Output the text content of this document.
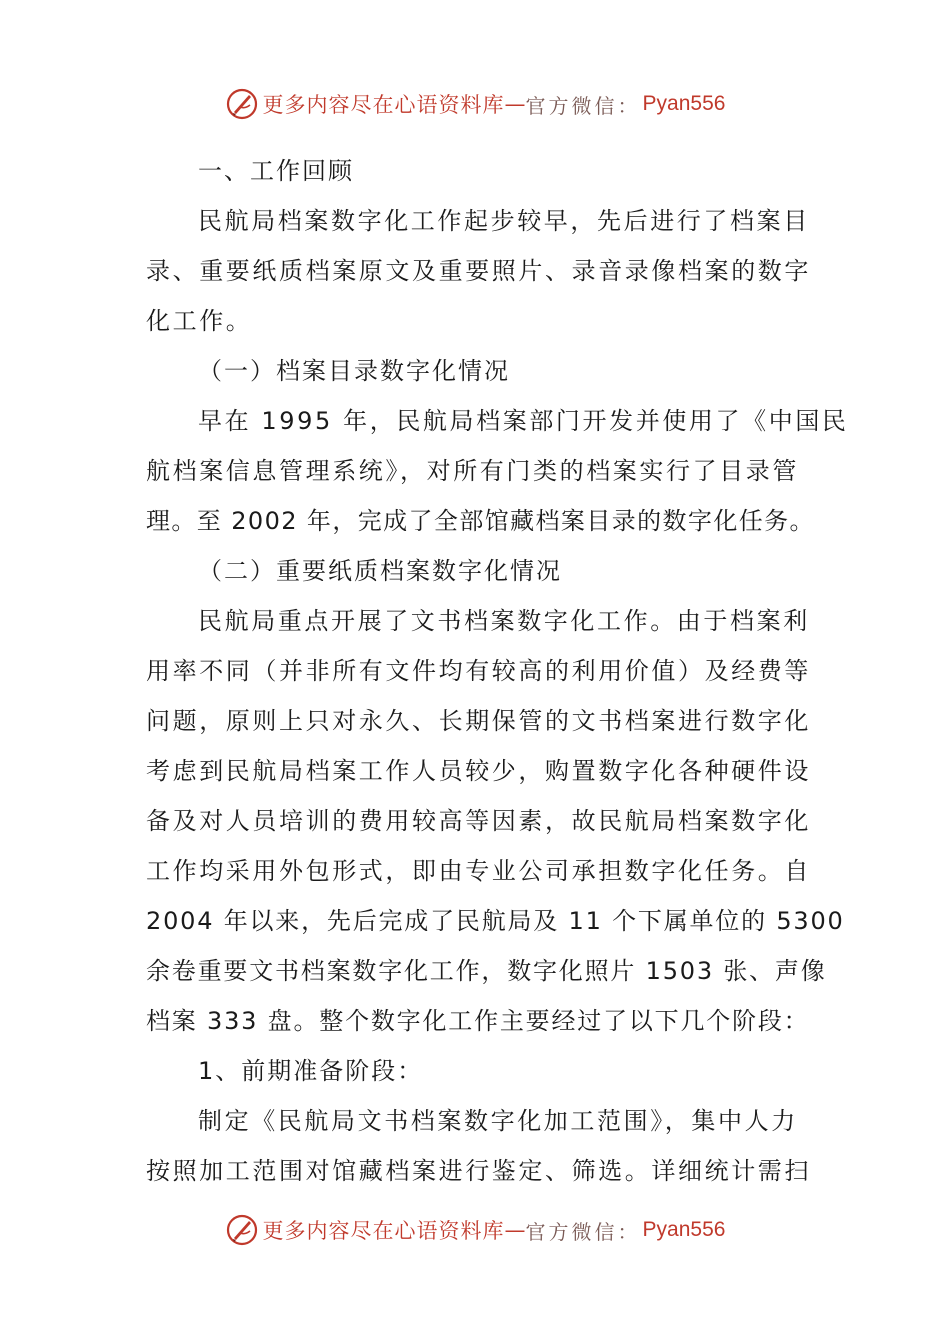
更多内容尽在心语资料库 — 官方微信： Pyan556
一、工作回顾
民航局档案数字化工作起步较早，先后进行了档案目
录、重要纸质档案原文及重要照片、录音录像档案的数字
化工作。
（一）档案目录数字化情况
早在 1995 年，民航局档案部门开发并使用了《中国民
航档案信息管理系统》，对所有门类的档案实行了目录管
理。至 2002 年，完成了全部馆藏档案目录的数字化任务。
（二）重要纸质档案数字化情况
民航局重点开展了文书档案数字化工作。由于档案利
用率不同（并非所有文件均有较高的利用价值）及经费等
问题，原则上只对永久、长期保管的文书档案进行数字化
考虑到民航局档案工作人员较少，购置数字化各种硬件设
备及对人员培训的费用较高等因素，故民航局档案数字化
工作均采用外包形式，即由专业公司承担数字化任务。自
2004 年以来，先后完成了民航局及 11 个下属单位的 5300
余卷重要文书档案数字化工作，数字化照片 1503 张、声像
档案 333 盘。整个数字化工作主要经过了以下几个阶段：
1、前期准备阶段：
制定《民航局文书档案数字化加工范围》，集中人力
按照加工范围对馆藏档案进行鉴定、筛选。详细统计需扫
更多内容尽在心语资料库 — 官方微信： Pyan556
